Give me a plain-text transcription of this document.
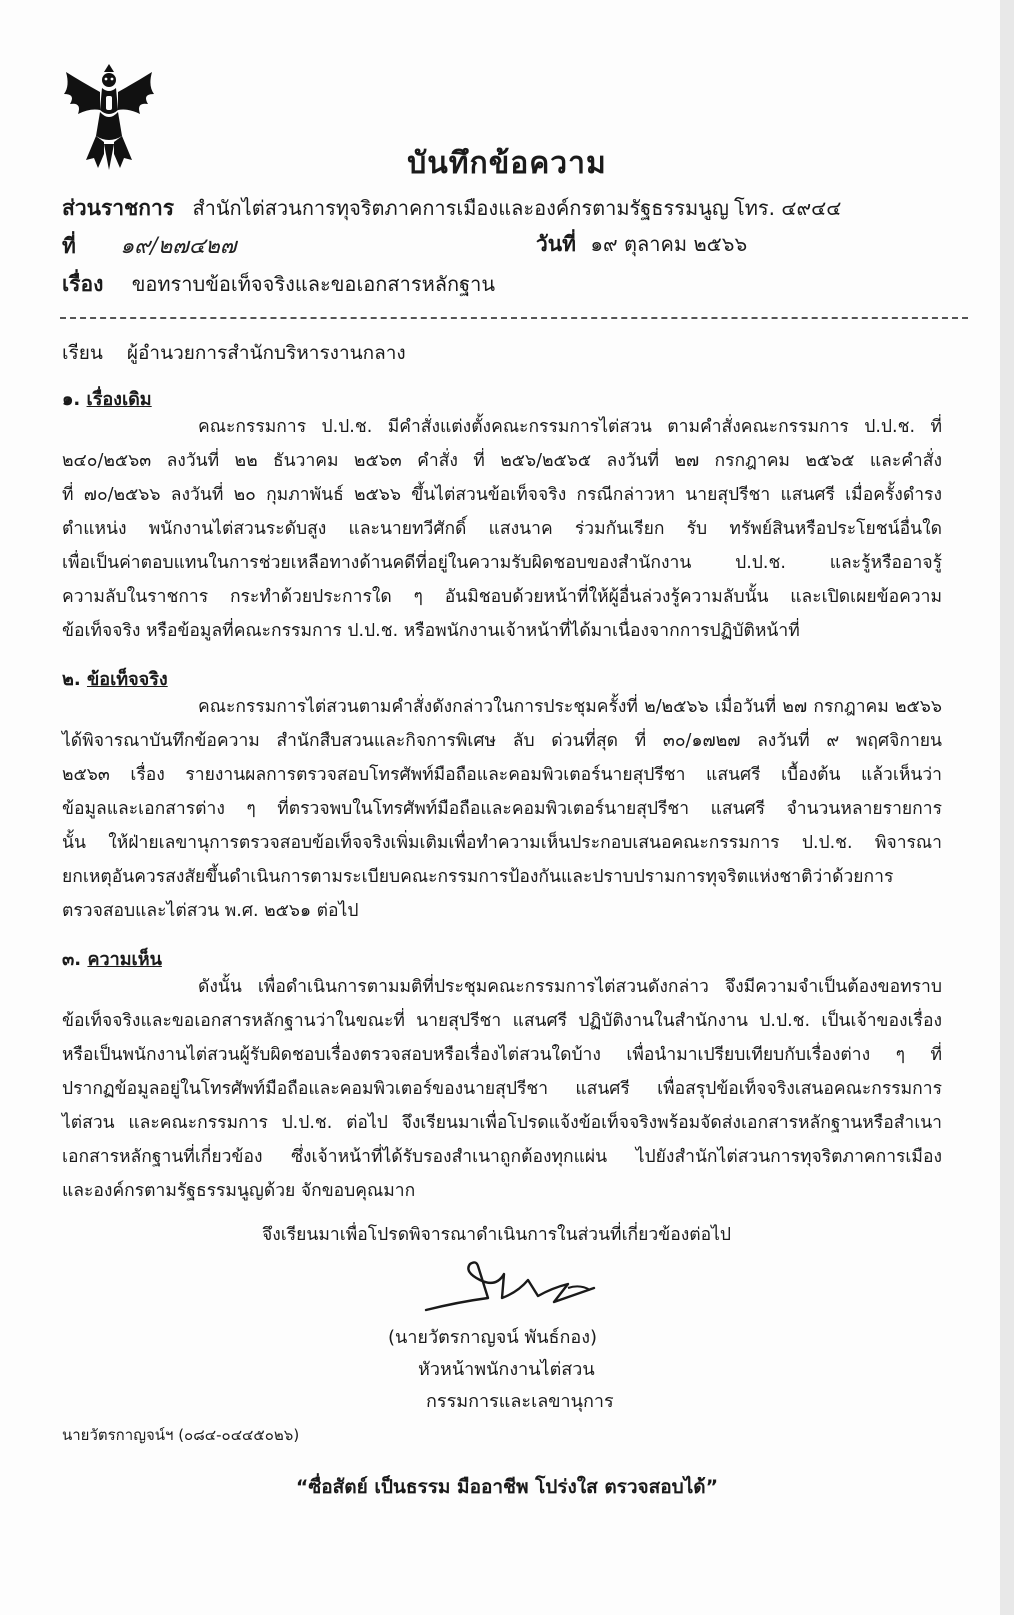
บันทึกข้อความ
ส่วนราชการ สำนักไต่สวนการทุจริตภาคการเมืองและองค์กรตามรัฐธรรมนูญ โทร. ๔๙๔๔
ที่ ๑๙/๒๗๔๒๗	วันที่ ๑๙ ตุลาคม ๒๕๖๖
เรื่อง ขอทราบข้อเท็จจริงและขอเอกสารหลักฐาน
เรียน ผู้อำนวยการสำนักบริหารงานกลาง
๑. เรื่องเดิม
คณะกรรมการ ป.ป.ช. มีคำสั่งแต่งตั้งคณะกรรมการไต่สวน ตามคำสั่งคณะกรรมการ ป.ป.ช. ที่
๒๔๐/๒๕๖๓ ลงวันที่ ๒๒ ธันวาคม ๒๕๖๓ คำสั่ง ที่ ๒๕๖/๒๕๖๕ ลงวันที่ ๒๗ กรกฎาคม ๒๕๖๕ และคำสั่ง
ที่ ๗๐/๒๕๖๖ ลงวันที่ ๒๐ กุมภาพันธ์ ๒๕๖๖ ขึ้นไต่สวนข้อเท็จจริง กรณีกล่าวหา นายสุปรีชา แสนศรี เมื่อครั้งดำรง
ตำแหน่ง พนักงานไต่สวนระดับสูง และนายทวีศักดิ์ แสงนาค ร่วมกันเรียก รับ ทรัพย์สินหรือประโยชน์อื่นใด
เพื่อเป็นค่าตอบแทนในการช่วยเหลือทางด้านคดีที่อยู่ในความรับผิดชอบของสำนักงาน ป.ป.ช. และรู้หรืออาจรู้
ความลับในราชการ กระทำด้วยประการใด ๆ อันมิชอบด้วยหน้าที่ให้ผู้อื่นล่วงรู้ความลับนั้น และเปิดเผยข้อความ
ข้อเท็จจริง หรือข้อมูลที่คณะกรรมการ ป.ป.ช. หรือพนักงานเจ้าหน้าที่ได้มาเนื่องจากการปฏิบัติหน้าที่
๒. ข้อเท็จจริง
คณะกรรมการไต่สวนตามคำสั่งดังกล่าวในการประชุมครั้งที่ ๒/๒๕๖๖ เมื่อวันที่ ๒๗ กรกฎาคม ๒๕๖๖
ได้พิจารณาบันทึกข้อความ สำนักสืบสวนและกิจการพิเศษ ลับ ด่วนที่สุด ที่ ๓๐/๑๗๒๗ ลงวันที่ ๙ พฤศจิกายน
๒๕๖๓ เรื่อง รายงานผลการตรวจสอบโทรศัพท์มือถือและคอมพิวเตอร์นายสุปรีชา แสนศรี เบื้องต้น แล้วเห็นว่า
ข้อมูลและเอกสารต่าง ๆ ที่ตรวจพบในโทรศัพท์มือถือและคอมพิวเตอร์นายสุปรีชา แสนศรี จำนวนหลายรายการ
นั้น ให้ฝ่ายเลขานุการตรวจสอบข้อเท็จจริงเพิ่มเติมเพื่อทำความเห็นประกอบเสนอคณะกรรมการ ป.ป.ช. พิจารณา
ยกเหตุอันควรสงสัยขึ้นดำเนินการตามระเบียบคณะกรรมการป้องกันและปราบปรามการทุจริตแห่งชาติว่าด้วยการ
ตรวจสอบและไต่สวน พ.ศ. ๒๕๖๑ ต่อไป
๓. ความเห็น
ดังนั้น เพื่อดำเนินการตามมติที่ประชุมคณะกรรมการไต่สวนดังกล่าว จึงมีความจำเป็นต้องขอทราบ
ข้อเท็จจริงและขอเอกสารหลักฐานว่าในขณะที่ นายสุปรีชา แสนศรี ปฏิบัติงานในสำนักงาน ป.ป.ช. เป็นเจ้าของเรื่อง
หรือเป็นพนักงานไต่สวนผู้รับผิดชอบเรื่องตรวจสอบหรือเรื่องไต่สวนใดบ้าง เพื่อนำมาเปรียบเทียบกับเรื่องต่าง ๆ ที่
ปรากฏข้อมูลอยู่ในโทรศัพท์มือถือและคอมพิวเตอร์ของนายสุปรีชา แสนศรี เพื่อสรุปข้อเท็จจริงเสนอคณะกรรมการ
ไต่สวน และคณะกรรมการ ป.ป.ช. ต่อไป จึงเรียนมาเพื่อโปรดแจ้งข้อเท็จจริงพร้อมจัดส่งเอกสารหลักฐานหรือสำเนา
เอกสารหลักฐานที่เกี่ยวข้อง ซึ่งเจ้าหน้าที่ได้รับรองสำเนาถูกต้องทุกแผ่น ไปยังสำนักไต่สวนการทุจริตภาคการเมือง
และองค์กรตามรัฐธรรมนูญด้วย จักขอบคุณมาก
จึงเรียนมาเพื่อโปรดพิจารณาดำเนินการในส่วนที่เกี่ยวข้องต่อไป
(นายวัตรกาญจน์ พันธ์กอง)
หัวหน้าพนักงานไต่สวน
กรรมการและเลขานุการ
นายวัตรกาญจน์ฯ (๐๘๔-๐๔๔๕๐๒๖)
“ซื่อสัตย์ เป็นธรรม มืออาชีพ โปร่งใส ตรวจสอบได้”
